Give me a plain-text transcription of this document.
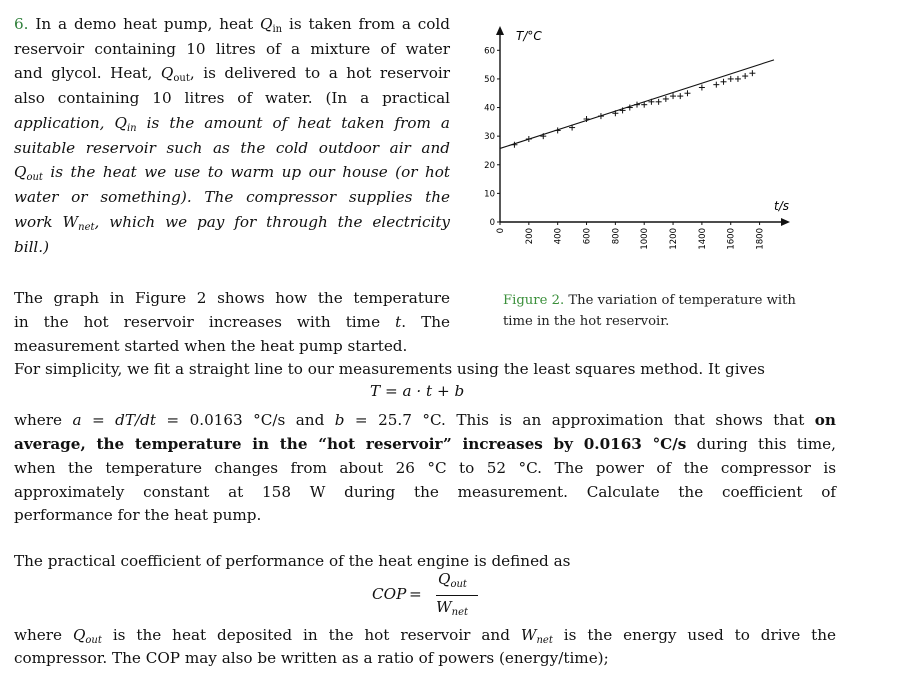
6. In a demo heat pump, heat $Q_{in}$ is taken from a cold
reservoir containing 10 litres of a mixture of water
and glycol. Heat, $Q_{out}$, is delivered to a hot reservoir
also containing 10 litres of water. (In a practical
application, $Q_{in}$ is the amount of heat taken from a
suitable reservoir such as the cold outdoor air and
$Q_{out}$ is the heat we use to warm up our house (or hot
water or something). The compressor supplies the
work $W_{net}$, which we pay for through the electricity
bill.)
0 200 400 600 800 1000 1200 1400 1600 1800
0
10
20
30
40
50
60
T/°C
t/s
Figure 2. The variation of temperature with
time in the hot reservoir.
The graph in Figure 2 shows how the temperature
in the hot reservoir increases with time t. The
measurement started when the heat pump started.
For simplicity, we fit a straight line to our measurements using the least squares method. It gives
T = a · t + b
where a = dT/dt = 0.0163 °C/s and b = 25.7 °C. This is an approximation that shows that on
average, the temperature in the “hot reservoir” increases by 0.0163 °C/s during this time,
when the temperature changes from about 26 °C to 52 °C. The power of the compressor is
approximately constant at 158 W during the measurement. Calculate the coefficient of
performance for the heat pump.
The practical coefficient of performance of the heat engine is defined as
COP =
$Q_{out}$
$W_{net}$
where $Q_{out}$ is the heat deposited in the hot reservoir and $W_{net}$ is the energy used to drive the
compressor. The COP may also be written as a ratio of powers (energy/time);
